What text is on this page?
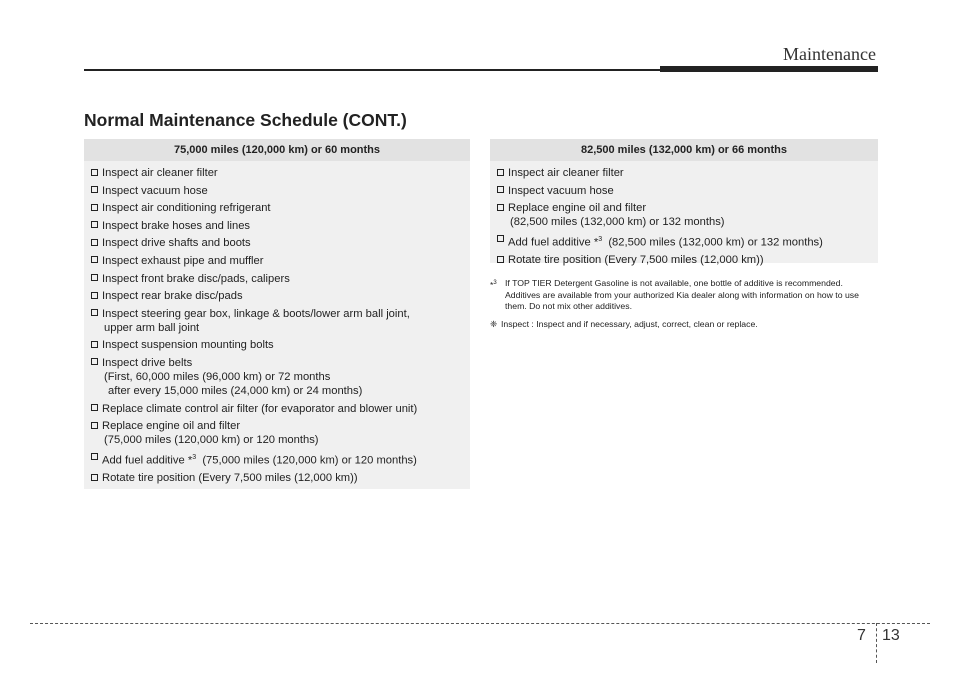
Maintenance
Normal Maintenance Schedule (CONT.)
75,000 miles (120,000 km) or 60 months
Inspect air cleaner filter
Inspect vacuum hose
Inspect air conditioning refrigerant
Inspect brake hoses and lines
Inspect drive shafts and boots
Inspect exhaust pipe and muffler
Inspect front brake disc/pads, calipers
Inspect rear brake disc/pads
Inspect steering gear box, linkage & boots/lower arm ball joint,
upper arm ball joint
Inspect suspension mounting bolts
Inspect drive belts
(First, 60,000 miles (96,000 km) or 72 months
after every 15,000 miles (24,000 km) or 24 months)
Replace climate control air filter (for evaporator and blower unit)
Replace engine oil and filter
(75,000 miles (120,000 km) or 120 months)
Add fuel additive *$^3$ (75,000 miles (120,000 km) or 120 months)
Rotate tire position (Every 7,500 miles (12,000 km))
82,500 miles (132,000 km) or 66 months
Inspect air cleaner filter
Inspect vacuum hose
Replace engine oil and filter
(82,500 miles (132,000 km) or 132 months)
Add fuel additive *$^3$ (82,500 miles (132,000 km) or 132 months)
Rotate tire position (Every 7,500 miles (12,000 km))
*$^3$ If TOP TIER Detergent Gasoline is not available, one bottle of additive is recommended. Additives are available from your authorized Kia dealer along with information on how to use them. Do not mix other additives.
❈ Inspect : Inspect and if necessary, adjust, correct, clean or replace.
7 13
